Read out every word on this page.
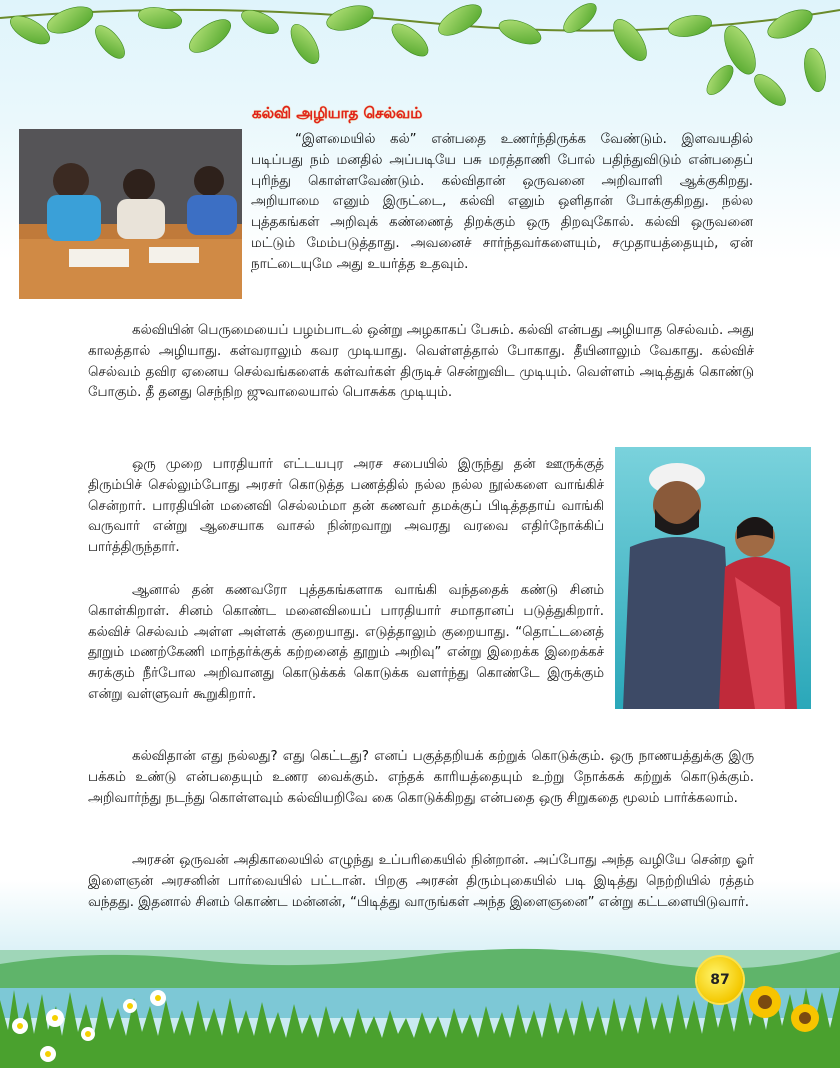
கல்வி அழியாத செல்வம்

“இளமையில் கல்” என்பதை உணர்ந்திருக்க வேண்டும். இளவயதில் படிப்பது நம் மனதில் அப்படியே பசு மரத்தாணி போல் பதிந்துவிடும் என்பதைப் புரிந்து கொள்ளவேண்டும். கல்விதான் ஒருவனை அறிவாளி ஆக்குகிறது. அறியாமை எனும் இருட்டை, கல்வி எனும் ஒளிதான் போக்குகிறது. நல்ல புத்தகங்கள் அறிவுக் கண்ணைத் திறக்கும் ஒரு திறவுகோல். கல்வி ஒருவனை மட்டும் மேம்படுத்தாது. அவனைச் சார்ந்தவர்களையும், சமுதாயத்தையும், ஏன் நாட்டையுமே அது உயர்த்த உதவும்.

கல்வியின் பெருமையைப் பழம்பாடல் ஒன்று அழகாகப் பேசும். கல்வி என்பது அழியாத செல்வம். அது காலத்தால் அழியாது. கள்வராலும் கவர முடியாது. வெள்ளத்தால் போகாது. தீயினாலும் வேகாது. கல்விச் செல்வம் தவிர ஏனைய செல்வங்களைக் கள்வர்கள் திருடிச் சென்றுவிட முடியும். வெள்ளம் அடித்துக் கொண்டு போகும். தீ தனது செந்நிற ஜுவாலையால் பொசுக்க முடியும்.

ஒரு முறை பாரதியார் எட்டயபுர அரச சபையில் இருந்து தன் ஊருக்குத் திரும்பிச் செல்லும்போது அரசர் கொடுத்த பணத்தில் நல்ல நல்ல நூல்களை வாங்கிச் சென்றார். பாரதியின் மனைவி செல்லம்மா தன் கணவர் தமக்குப் பிடித்ததாய் வாங்கி வருவார் என்று ஆசையாக வாசல் நின்றவாறு அவரது வரவை எதிர்நோக்கிப் பார்த்திருந்தார்.

ஆனால் தன் கணவரோ புத்தகங்களாக வாங்கி வந்ததைக் கண்டு சினம் கொள்கிறாள். சினம் கொண்ட மனைவியைப் பாரதியார் சமாதானப் படுத்துகிறார். கல்விச் செல்வம் அள்ள அள்ளக் குறையாது. எடுத்தாலும் குறையாது. “தொட்டனைத் தூறும் மணற்கேணி மாந்தர்க்குக் கற்றனைத் தூறும் அறிவு” என்று இறைக்க இறைக்கச் சுரக்கும் நீர்போல அறிவானது கொடுக்கக் கொடுக்க வளர்ந்து கொண்டே இருக்கும் என்று வள்ளுவர் கூறுகிறார்.

கல்விதான் எது நல்லது? எது கெட்டது? எனப் பகுத்தறியக் கற்றுக் கொடுக்கும். ஒரு நாணயத்துக்கு இரு பக்கம் உண்டு என்பதையும் உணர வைக்கும். எந்தக் காரியத்தையும் உற்று நோக்கக் கற்றுக் கொடுக்கும். அறிவார்ந்து நடந்து கொள்ளவும் கல்வியறிவே கை கொடுக்கிறது என்பதை ஒரு சிறுகதை மூலம் பார்க்கலாம்.

அரசன் ஒருவன் அதிகாலையில் எழுந்து உப்பரிகையில் நின்றான். அப்போது அந்த வழியே சென்ற ஓர் இளைஞன் அரசனின் பார்வையில் பட்டான். பிறகு அரசன் திரும்புகையில் படி இடித்து நெற்றியில் ரத்தம் வந்தது. இதனால் சினம் கொண்ட மன்னன், “பிடித்து வாருங்கள் அந்த இளைஞனை” என்று கட்டளையிடுவார்.

87
